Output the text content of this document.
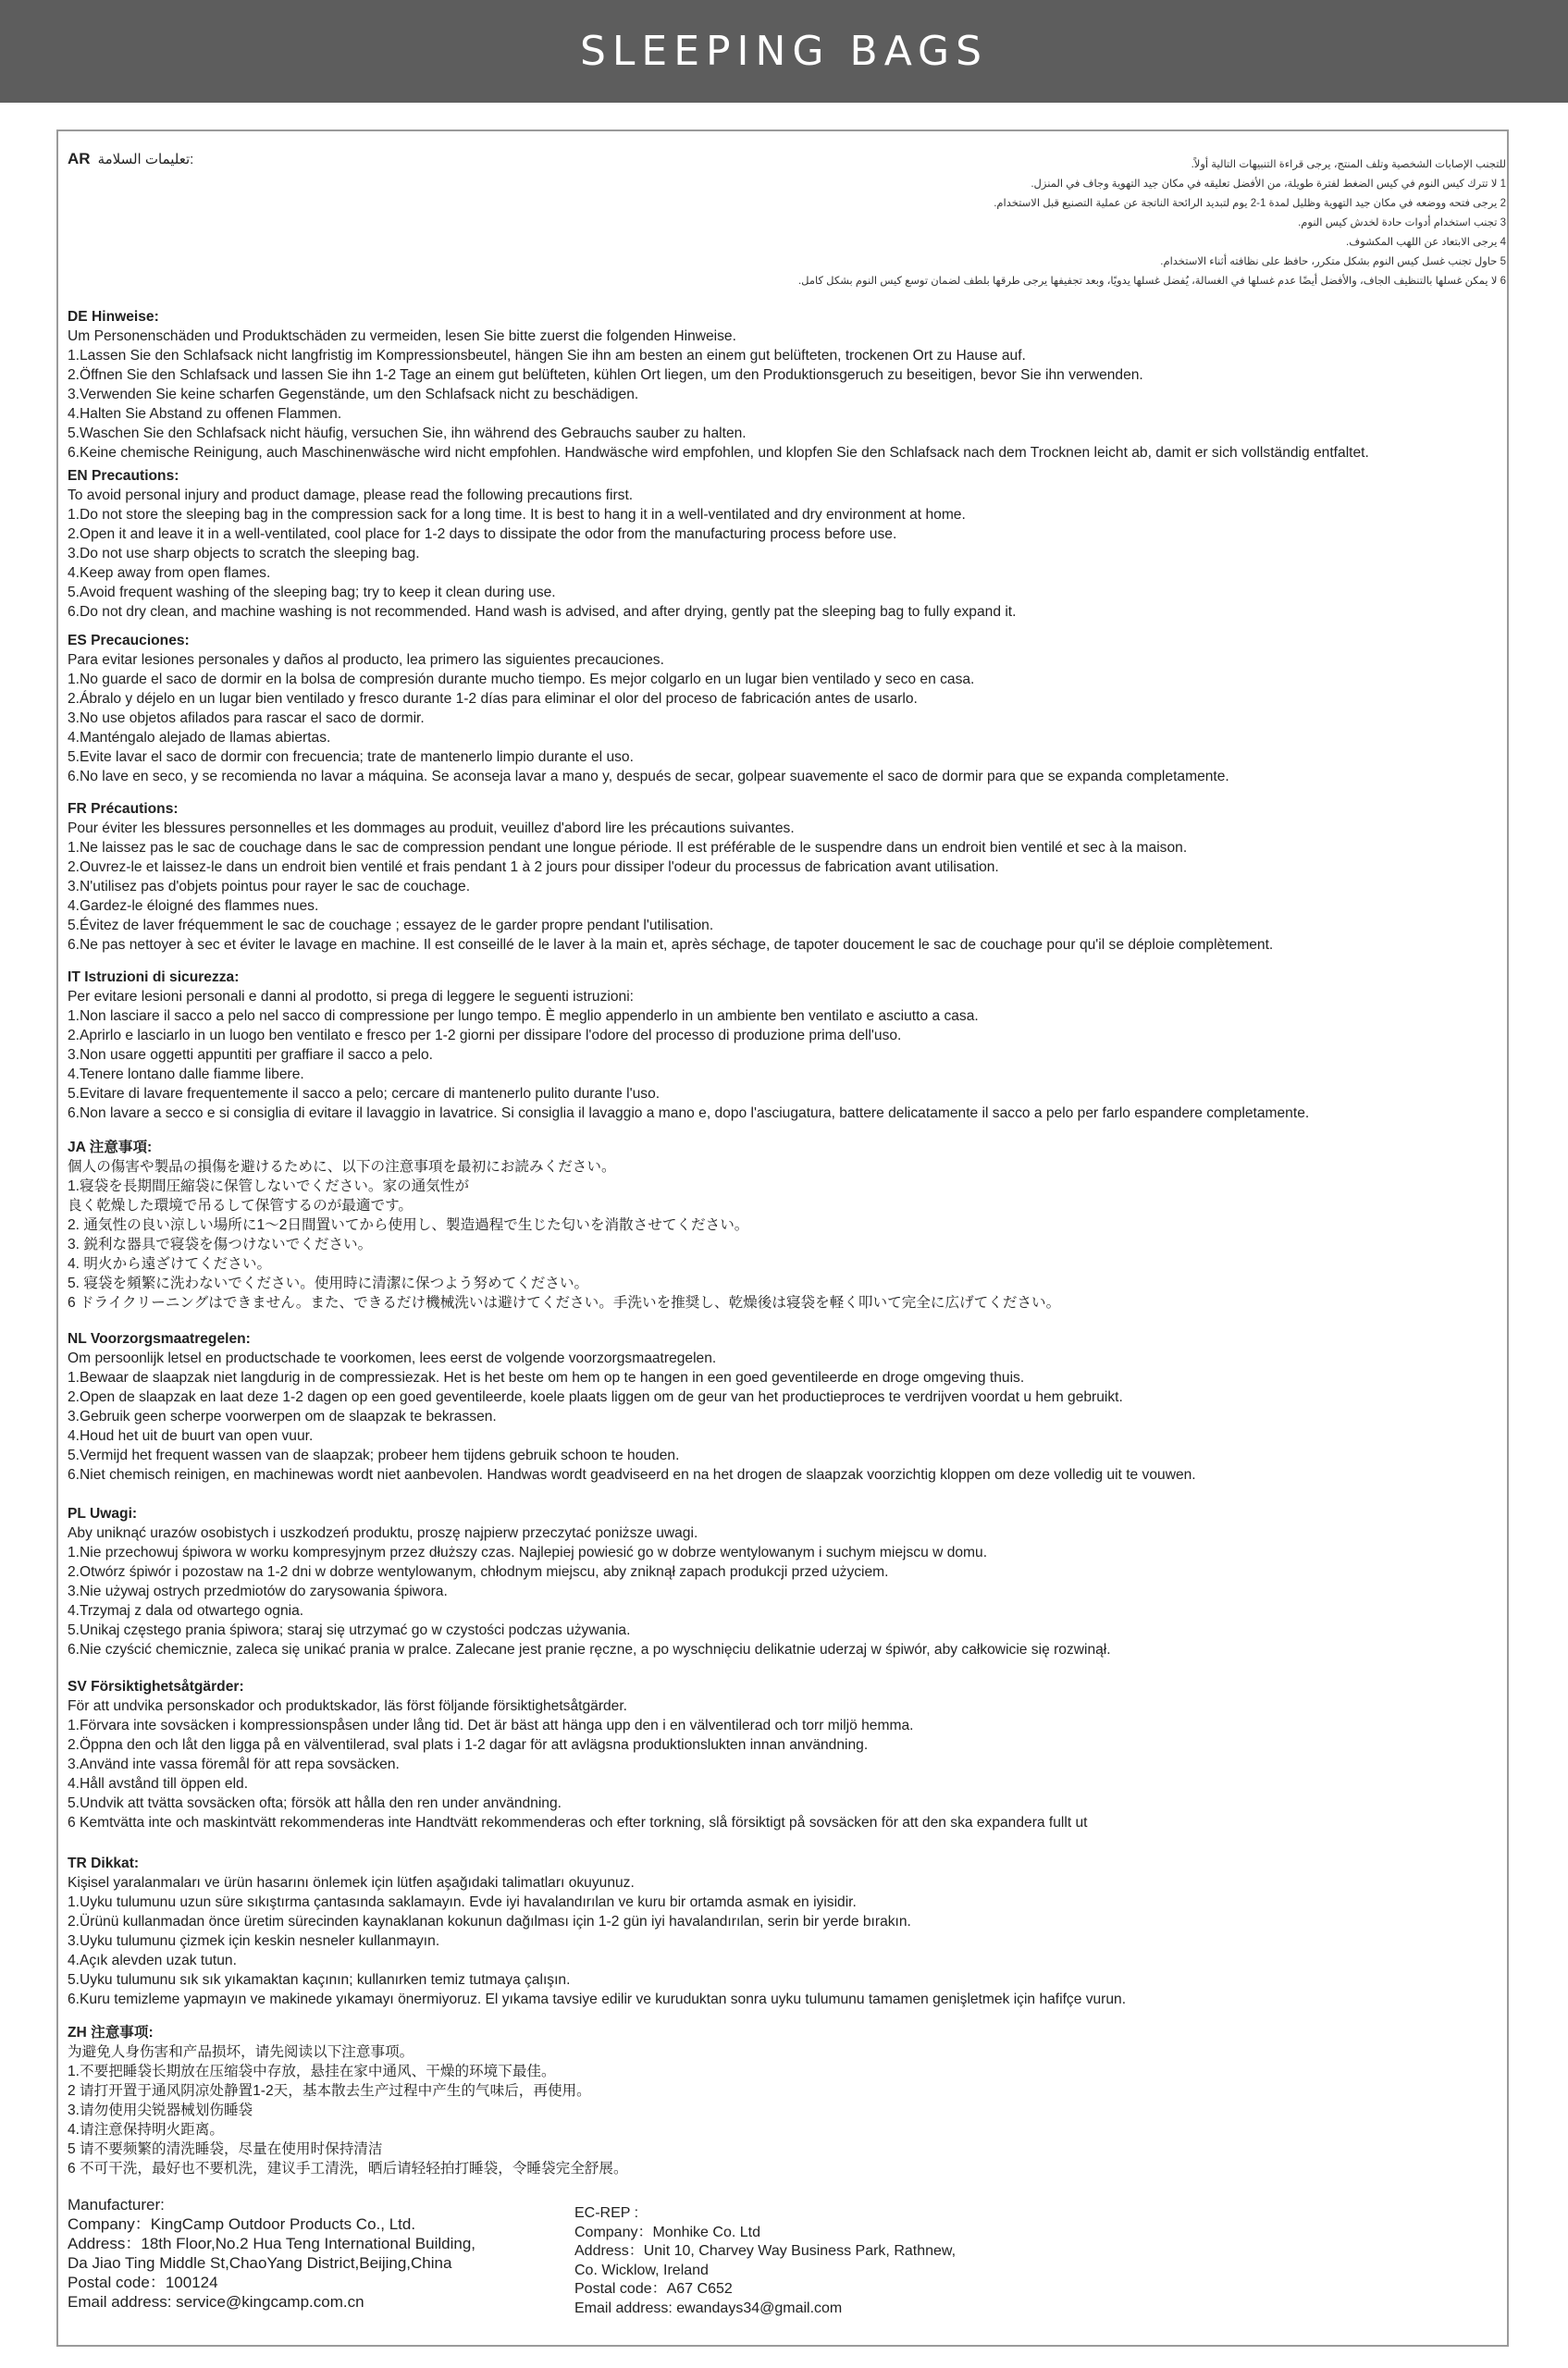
SLEEPING BAGS
AR تعليمات السلامة:	للتجنب الإصابات الشخصية وتلف المنتج، يرجى قراءة التنبيهات التالية أولاً.
1 لا تترك كيس النوم في كيس الضغط لفترة طويلة، من الأفضل تعليقه في مكان جيد التهوية وجاف في المنزل.
2 يرجى فتحه ووضعه في مكان جيد التهوية وظليل لمدة 1-2 يوم لتبديد الرائحة الناتجة عن عملية التصنيع قبل الاستخدام.
3 تجنب استخدام أدوات حادة لخدش كيس النوم.
4 يرجى الابتعاد عن اللهب المكشوف.
5 حاول تجنب غسل كيس النوم بشكل متكرر، حافظ على نظافته أثناء الاستخدام.
6 لا يمكن غسلها بالتنظيف الجاف، والأفضل أيضًا عدم غسلها في الغسالة، يُفضل غسلها يدويًا، وبعد تجفيفها يرجى طرقها بلطف لضمان توسع كيس النوم بشكل كامل.
DE Hinweise:
Um Personenschäden und Produktschäden zu vermeiden, lesen Sie bitte zuerst die folgenden Hinweise.
1.Lassen Sie den Schlafsack nicht langfristig im Kompressionsbeutel, hängen Sie ihn am besten an einem gut belüfteten, trockenen Ort zu Hause auf.
2.Öffnen Sie den Schlafsack und lassen Sie ihn 1-2 Tage an einem gut belüfteten, kühlen Ort liegen, um den Produktionsgeruch zu beseitigen, bevor Sie ihn verwenden.
3.Verwenden Sie keine scharfen Gegenstände, um den Schlafsack nicht zu beschädigen.
4.Halten Sie Abstand zu offenen Flammen.
5.Waschen Sie den Schlafsack nicht häufig, versuchen Sie, ihn während des Gebrauchs sauber zu halten.
6.Keine chemische Reinigung, auch Maschinenwäsche wird nicht empfohlen. Handwäsche wird empfohlen, und klopfen Sie den Schlafsack nach dem Trocknen leicht ab, damit er sich vollständig entfaltet.
EN Precautions:
To avoid personal injury and product damage, please read the following precautions first.
1.Do not store the sleeping bag in the compression sack for a long time. It is best to hang it in a well-ventilated and dry environment at home.
2.Open it and leave it in a well-ventilated, cool place for 1-2 days to dissipate the odor from the manufacturing process before use.
3.Do not use sharp objects to scratch the sleeping bag.
4.Keep away from open flames.
5.Avoid frequent washing of the sleeping bag; try to keep it clean during use.
6.Do not dry clean, and machine washing is not recommended. Hand wash is advised, and after drying, gently pat the sleeping bag to fully expand it.
ES Precauciones:
Para evitar lesiones personales y daños al producto, lea primero las siguientes precauciones.
1.No guarde el saco de dormir en la bolsa de compresión durante mucho tiempo. Es mejor colgarlo en un lugar bien ventilado y seco en casa.
2.Ábralo y déjelo en un lugar bien ventilado y fresco durante 1-2 días para eliminar el olor del proceso de fabricación antes de usarlo.
3.No use objetos afilados para rascar el saco de dormir.
4.Manténgalo alejado de llamas abiertas.
5.Evite lavar el saco de dormir con frecuencia; trate de mantenerlo limpio durante el uso.
6.No lave en seco, y se recomienda no lavar a máquina. Se aconseja lavar a mano y, después de secar, golpear suavemente el saco de dormir para que se expanda completamente.
FR Précautions:
Pour éviter les blessures personnelles et les dommages au produit, veuillez d'abord lire les précautions suivantes.
1.Ne laissez pas le sac de couchage dans le sac de compression pendant une longue période. Il est préférable de le suspendre dans un endroit bien ventilé et sec à la maison.
2.Ouvrez-le et laissez-le dans un endroit bien ventilé et frais pendant 1 à 2 jours pour dissiper l'odeur du processus de fabrication avant utilisation.
3.N'utilisez pas d'objets pointus pour rayer le sac de couchage.
4.Gardez-le éloigné des flammes nues.
5.Évitez de laver fréquemment le sac de couchage ; essayez de le garder propre pendant l'utilisation.
6.Ne pas nettoyer à sec et éviter le lavage en machine. Il est conseillé de le laver à la main et, après séchage, de tapoter doucement le sac de couchage pour qu'il se déploie complètement.
IT Istruzioni di sicurezza:
Per evitare lesioni personali e danni al prodotto, si prega di leggere le seguenti istruzioni:
1.Non lasciare il sacco a pelo nel sacco di compressione per lungo tempo. È meglio appenderlo in un ambiente ben ventilato e asciutto a casa.
2.Aprirlo e lasciarlo in un luogo ben ventilato e fresco per 1-2 giorni per dissipare l'odore del processo di produzione prima dell'uso.
3.Non usare oggetti appuntiti per graffiare il sacco a pelo.
4.Tenere lontano dalle fiamme libere.
5.Evitare di lavare frequentemente il sacco a pelo; cercare di mantenerlo pulito durante l'uso.
6.Non lavare a secco e si consiglia di evitare il lavaggio in lavatrice. Si consiglia il lavaggio a mano e, dopo l'asciugatura, battere delicatamente il sacco a pelo per farlo espandere completamente.
JA 注意事項:
個人の傷害や製品の損傷を避けるために、以下の注意事項を最初にお読みください。
1.寝袋を長期間圧縮袋に保管しないでください。家の通気性が
良く乾燥した環境で吊るして保管するのが最適です。
2. 通気性の良い涼しい場所に1〜2日間置いてから使用し、製造過程で生じた匂いを消散させてください。
3. 鋭利な器具で寝袋を傷つけないでください。
4. 明火から遠ざけてください。
5. 寝袋を頻繁に洗わないでください。使用時に清潔に保つよう努めてください。
6 ドライクリーニングはできません。また、できるだけ機械洗いは避けてください。手洗いを推奨し、乾燥後は寝袋を軽く叩いて完全に広げてください。
NL Voorzorgsmaatregelen:
Om persoonlijk letsel en productschade te voorkomen, lees eerst de volgende voorzorgsmaatregelen.
1.Bewaar de slaapzak niet langdurig in de compressiezak. Het is het beste om hem op te hangen in een goed geventileerde en droge omgeving thuis.
2.Open de slaapzak en laat deze 1-2 dagen op een goed geventileerde, koele plaats liggen om de geur van het productieproces te verdrijven voordat u hem gebruikt.
3.Gebruik geen scherpe voorwerpen om de slaapzak te bekrassen.
4.Houd het uit de buurt van open vuur.
5.Vermijd het frequent wassen van de slaapzak; probeer hem tijdens gebruik schoon te houden.
6.Niet chemisch reinigen, en machinewas wordt niet aanbevolen. Handwas wordt geadviseerd en na het drogen de slaapzak voorzichtig kloppen om deze volledig uit te vouwen.
PL Uwagi:
Aby uniknąć urazów osobistych i uszkodzeń produktu, proszę najpierw przeczytać poniższe uwagi.
1.Nie przechowuj śpiwora w worku kompresyjnym przez dłuższy czas. Najlepiej powiesić go w dobrze wentylowanym i suchym miejscu w domu.
2.Otwórz śpiwór i pozostaw na 1-2 dni w dobrze wentylowanym, chłodnym miejscu, aby zniknął zapach produkcji przed użyciem.
3.Nie używaj ostrych przedmiotów do zarysowania śpiwora.
4.Trzymaj z dala od otwartego ognia.
5.Unikaj częstego prania śpiwora; staraj się utrzymać go w czystości podczas używania.
6.Nie czyścić chemicznie, zaleca się unikać prania w pralce. Zalecane jest pranie ręczne, a po wyschnięciu delikatnie uderzaj w śpiwór, aby całkowicie się rozwinął.
SV Försiktighetsåtgärder:
För att undvika personskador och produktskador, läs först följande försiktighetsåtgärder.
1.Förvara inte sovsäcken i kompressionspåsen under lång tid. Det är bäst att hänga upp den i en välventilerad och torr miljö hemma.
2.Öppna den och låt den ligga på en välventilerad, sval plats i 1-2 dagar för att avlägsna produktionslukten innan användning.
3.Använd inte vassa föremål för att repa sovsäcken.
4.Håll avstånd till öppen eld.
5.Undvik att tvätta sovsäcken ofta; försök att hålla den ren under användning.
6 Kemtvätta inte och maskintvätt rekommenderas inte Handtvätt rekommenderas och efter torkning, slå försiktigt på sovsäcken för att den ska expandera fullt ut
TR Dikkat:
Kişisel yaralanmaları ve ürün hasarını önlemek için lütfen aşağıdaki talimatları okuyunuz.
1.Uyku tulumunu uzun süre sıkıştırma çantasında saklamayın. Evde iyi havalandırılan ve kuru bir ortamda asmak en iyisidir.
2.Ürünü kullanmadan önce üretim sürecinden kaynaklanan kokunun dağılması için 1-2 gün iyi havalandırılan, serin bir yerde bırakın.
3.Uyku tulumunu çizmek için keskin nesneler kullanmayın.
4.Açık alevden uzak tutun.
5.Uyku tulumunu sık sık yıkamaktan kaçının; kullanırken temiz tutmaya çalışın.
6.Kuru temizleme yapmayın ve makinede yıkamayı önermiyoruz. El yıkama tavsiye edilir ve kuruduktan sonra uyku tulumunu tamamen genişletmek için hafifçe vurun.
ZH 注意事项:
为避免人身伤害和产品损坏，请先阅读以下注意事项。
1.不要把睡袋长期放在压缩袋中存放，悬挂在家中通风、干燥的环境下最佳。
2 请打开置于通风阴凉处静置1-2天，基本散去生产过程中产生的气味后，再使用。
3.请勿使用尖锐器械划伤睡袋
4.请注意保持明火距离。
5 请不要频繁的清洗睡袋，尽量在使用时保持清洁
6 不可干洗，最好也不要机洗，建议手工清洗，晒后请轻轻拍打睡袋，令睡袋完全舒展。
Manufacturer:
Company：KingCamp Outdoor Products Co., Ltd.
Address：18th Floor,No.2 Hua Teng International Building,
Da Jiao Ting Middle St,ChaoYang District,Beijing,China
Postal code：100124
Email address: service@kingcamp.com.cn
EC-REP :
Company：Monhike Co. Ltd
Address：Unit 10, Charvey Way Business Park, Rathnew,
Co. Wicklow, Ireland
Postal code：A67 C652
Email address: ewandays34@gmail.com
